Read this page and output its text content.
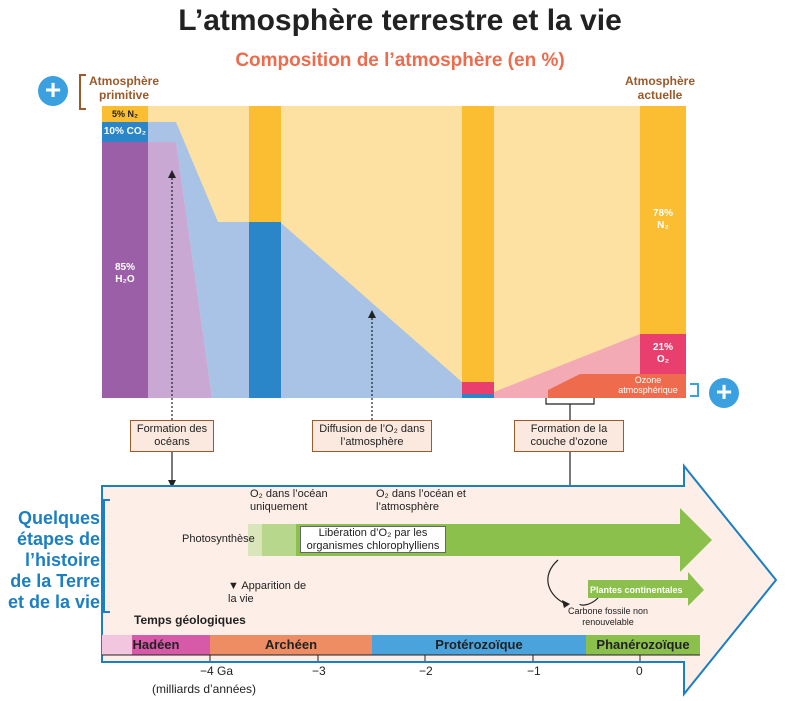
L’atmosphère terrestre et la vie
Composition de l’atmosphère (en %)
+
+
Atmosphère primitive
Atmosphère actuelle
5% N₂
10% CO₂
85% H₂O
78% N₂
21% O₂
Ozone atmosphérique
Formation des océans
Diffusion de l’O₂ dans l’atmosphère
Formation de la couche d’ozone
Quelques étapes de l’histoire de la Terre et de la vie
O₂ dans l’océan uniquement
O₂ dans l’océan et l’atmosphère
Photosynthèse	Libération d’O₂ par les organismes chlorophylliens
▼ Apparition de la vie
Plantes continentales
Carbone fossile non renouvelable
Temps géologiques
Hadéen	Archéen	Protérozoïque	Phanérozoïque
−4 Ga	−3	−2	−1	0
(milliards d’années)
